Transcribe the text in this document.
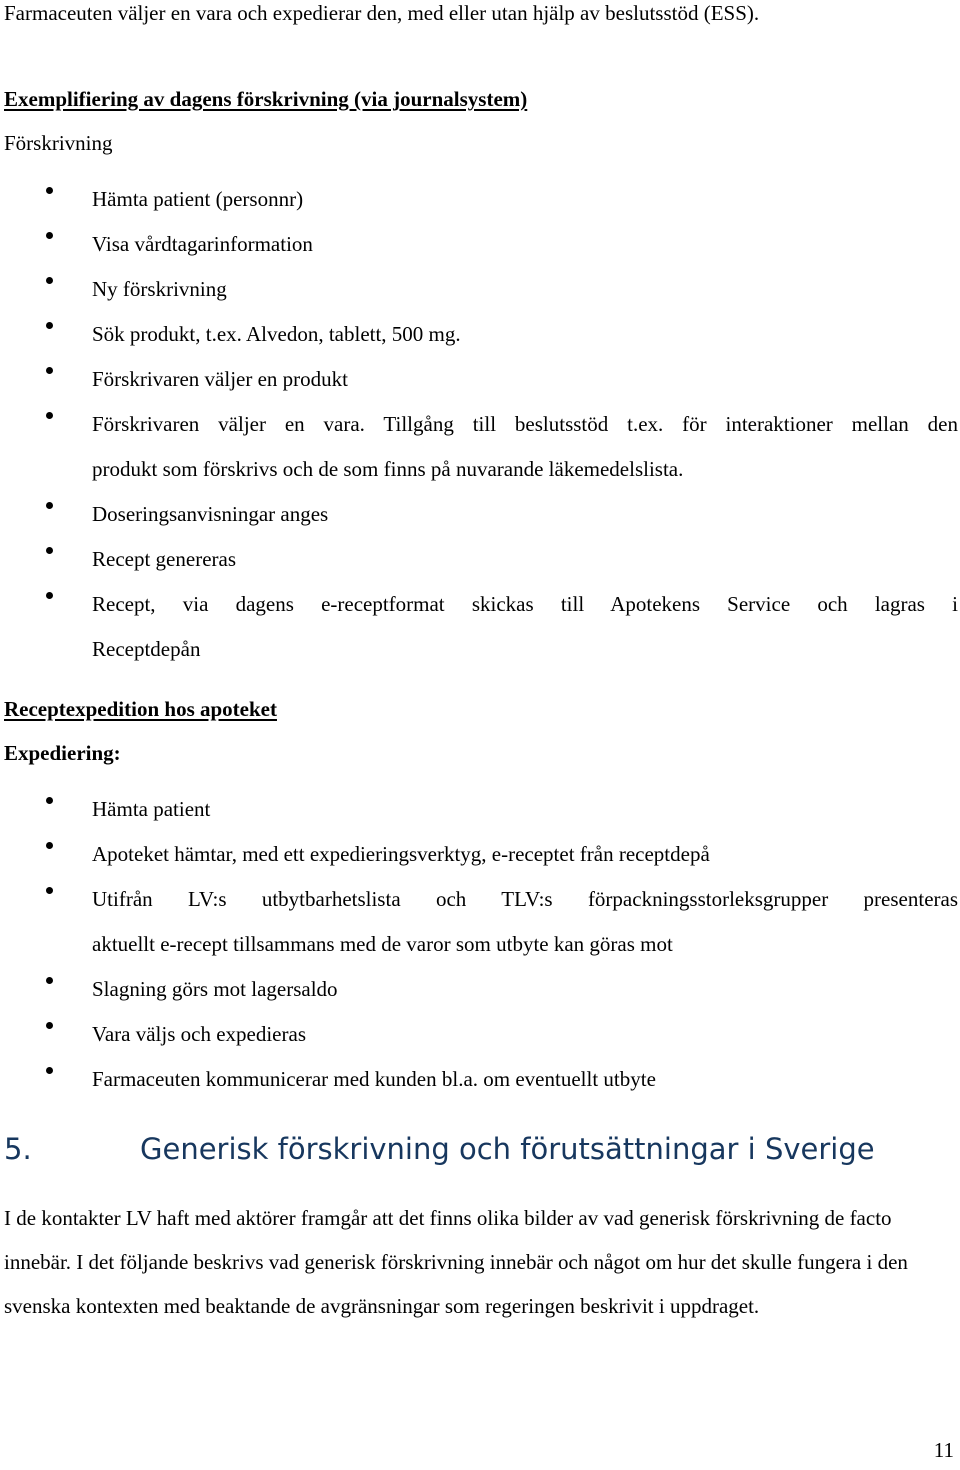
Farmaceuten väljer en vara och expedierar den, med eller utan hjälp av beslutsstöd (ESS).
Exemplifiering av dagens förskrivning (via journalsystem)
Förskrivning
Hämta patient (personnr)
Visa vårdtagarinformation
Ny förskrivning
Sök produkt, t.ex. Alvedon, tablett, 500 mg.
Förskrivaren väljer en produkt
Förskrivaren väljer en vara. Tillgång till beslutsstöd t.ex. för interaktioner mellan den
produkt som förskrivs och de som finns på nuvarande läkemedelslista.
Doseringsanvisningar anges
Recept genereras
Recept, via dagens e-receptformat skickas till Apotekens Service och lagras i
Receptdepån
Receptexpedition hos apoteket
Expediering:
Hämta patient
Apoteket hämtar, med ett expedieringsverktyg, e-receptet från receptdepå
Utifrån LV:s utbytbarhetslista och TLV:s förpackningsstorleksgrupper presenteras
aktuellt e-recept tillsammans med de varor som utbyte kan göras mot
Slagning görs mot lagersaldo
Vara väljs och expedieras
Farmaceuten kommunicerar med kunden bl.a. om eventuellt utbyte
5.	Generisk förskrivning och förutsättningar i Sverige
I de kontakter LV haft med aktörer framgår att det finns olika bilder av vad generisk förskrivning de facto innebär. I det följande beskrivs vad generisk förskrivning innebär och något om hur det skulle fungera i den svenska kontexten med beaktande de avgränsningar som regeringen beskrivit i uppdraget.
11
